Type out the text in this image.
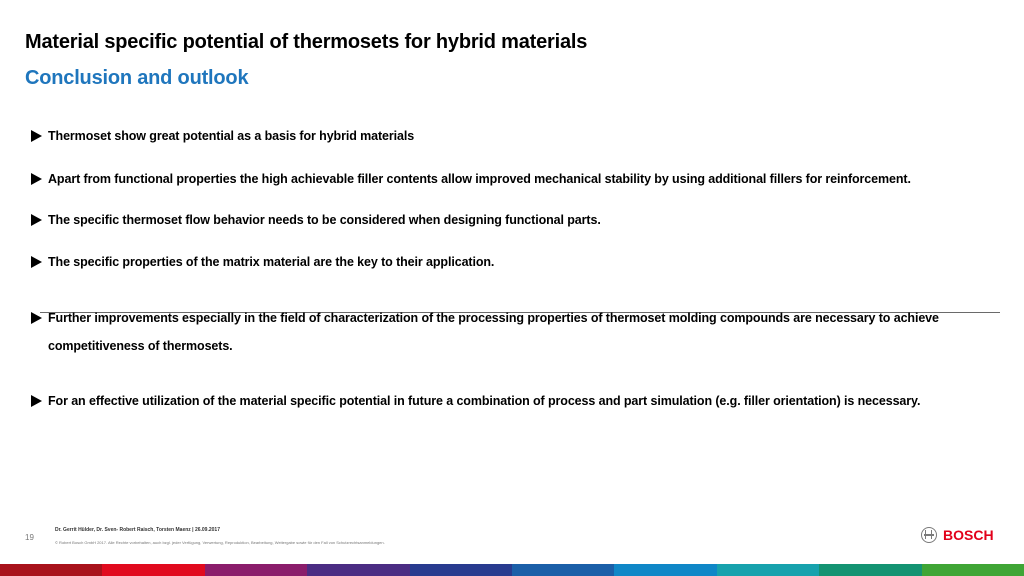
Material specific potential of thermosets for hybrid materials
Conclusion and outlook
Thermoset show great potential as a basis for hybrid materials
Apart from functional properties the high achievable filler contents allow improved mechanical stability by using additional fillers for reinforcement.
The specific thermoset flow behavior needs to be considered when designing functional parts.
The specific properties of the matrix material are the key to their application.
Further improvements especially in the field of characterization of the processing properties of thermoset molding compounds are necessary to achieve competitiveness of thermosets.
For an effective utilization of the material specific potential in future a combination of process and part simulation (e.g. filler orientation) is necessary.
19
Dr. Gerrit Hülder, Dr. Sven- Robert Raisch, Torsten Maenz | 26.09.2017
© Robert Bosch GmbH 2017. Alle Rechte vorbehalten, auch bzgl. jeder Verfügung, Verwertung, Reproduktion, Bearbeitung, Weitergabe sowie für den Fall von Schutzrechtsanmeldungen.	BOSCH
